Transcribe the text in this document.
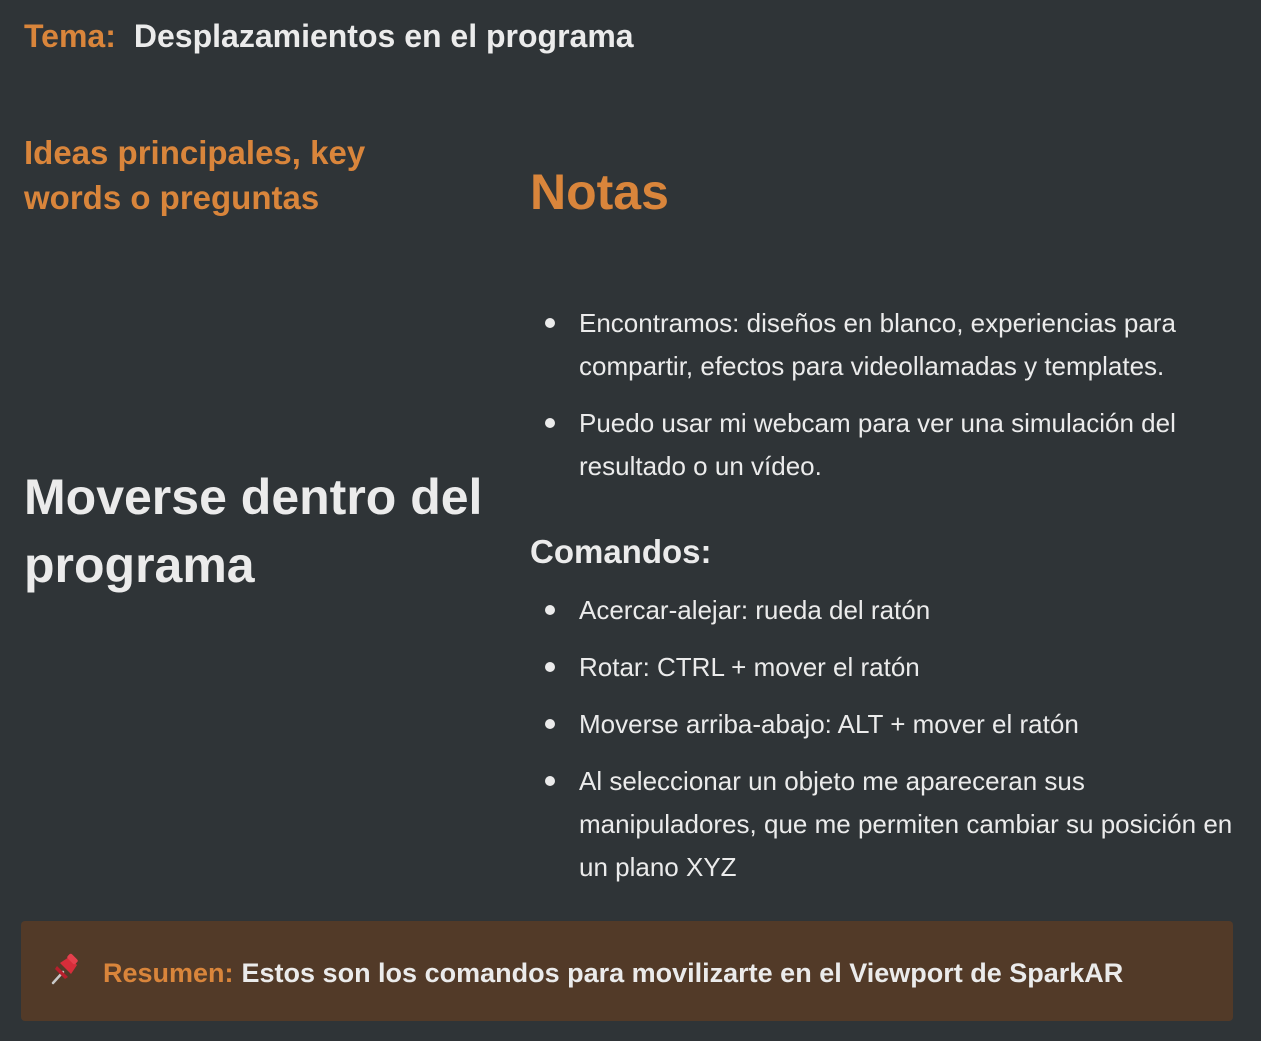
Tema: Desplazamientos en el programa
Ideas principales, key words o preguntas	Notas
Moverse dentro del programa
Encontramos: diseños en blanco, experiencias para compartir, efectos para videollamadas y templates.
Puedo usar mi webcam para ver una simulación del resultado o un vídeo.
Comandos:
Acercar-alejar: rueda del ratón
Rotar: CTRL + mover el ratón
Moverse arriba-abajo: ALT + mover el ratón
Al seleccionar un objeto me apareceran sus manipuladores, que me permiten cambiar su posición en un plano XYZ
Resumen: Estos son los comandos para movilizarte en el Viewport de SparkAR
